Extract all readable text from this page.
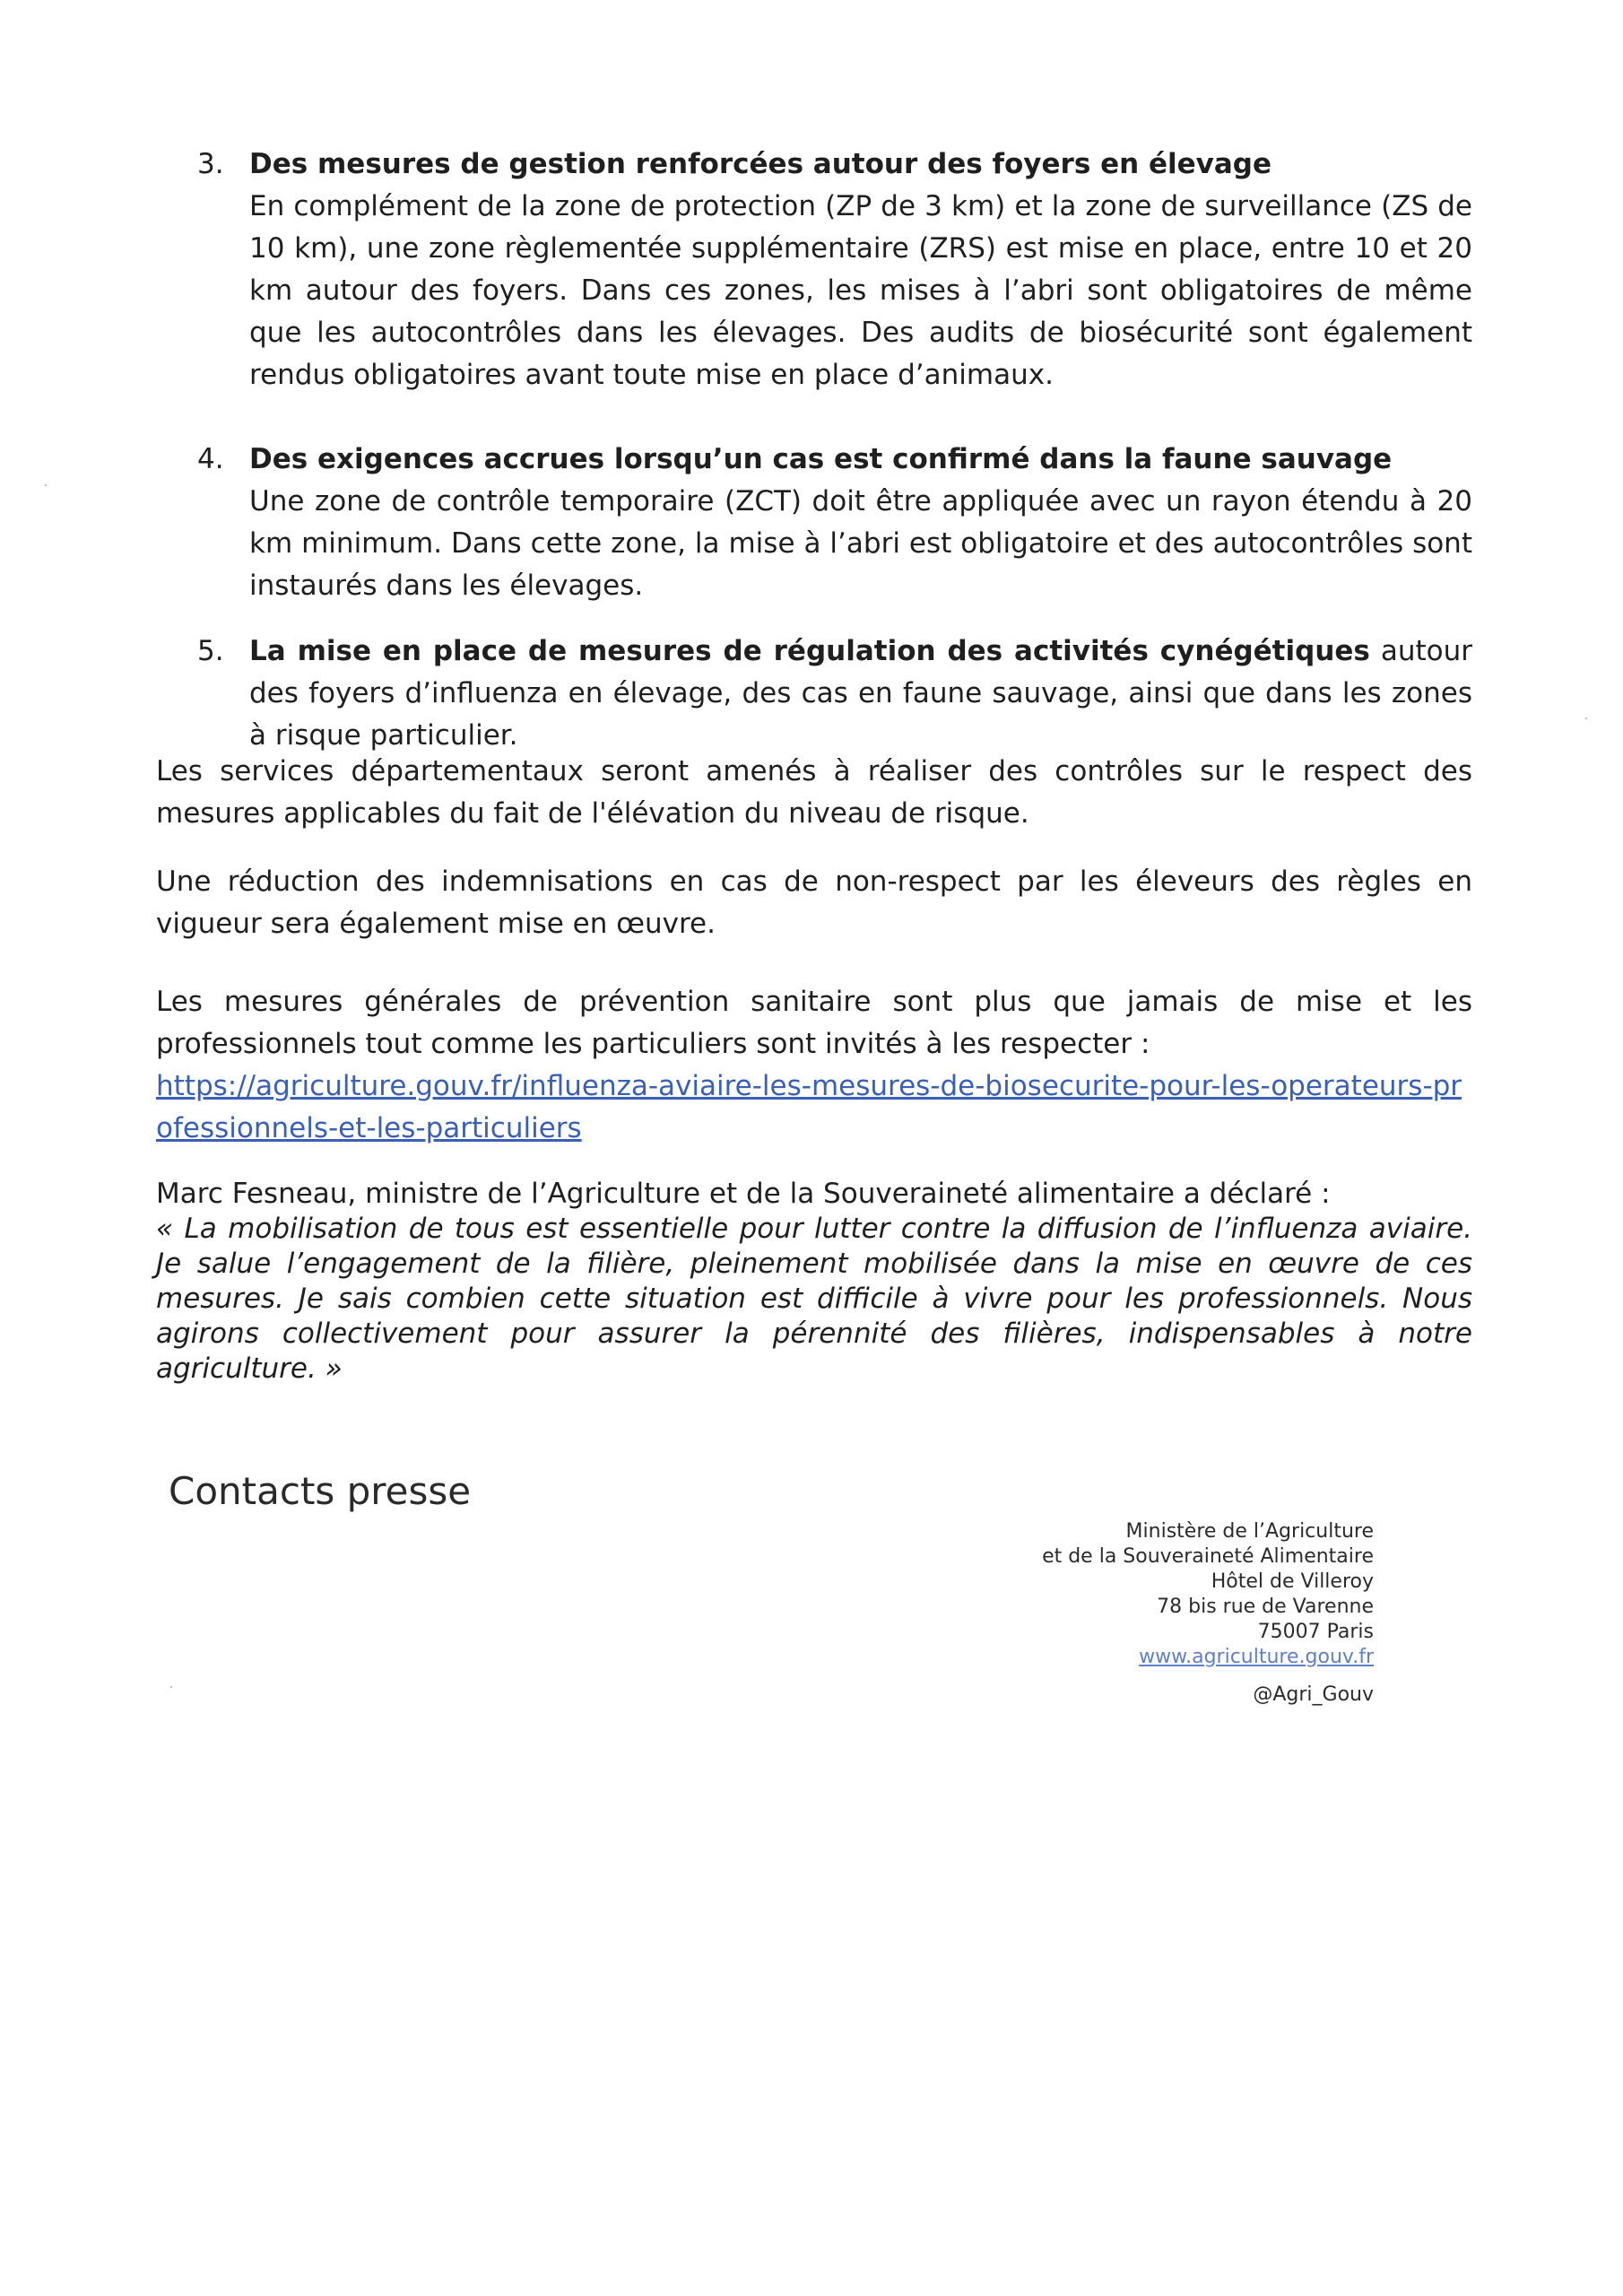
3. Des mesures de gestion renforcées autour des foyers en élevage
En complément de la zone de protection (ZP de 3 km) et la zone de surveillance (ZS de 10 km), une zone règlementée supplémentaire (ZRS) est mise en place, entre 10 et 20 km autour des foyers. Dans ces zones, les mises à l’abri sont obligatoires de même que les autocontrôles dans les élevages. Des audits de biosécurité sont également rendus obligatoires avant toute mise en place d’animaux.
4. Des exigences accrues lorsqu’un cas est confirmé dans la faune sauvage
Une zone de contrôle temporaire (ZCT) doit être appliquée avec un rayon étendu à 20 km minimum. Dans cette zone, la mise à l’abri est obligatoire et des autocontrôles sont instaurés dans les élevages.
5. La mise en place de mesures de régulation des activités cynégétiques autour des foyers d’influenza en élevage, des cas en faune sauvage, ainsi que dans les zones à risque particulier.
Les services départementaux seront amenés à réaliser des contrôles sur le respect des mesures applicables du fait de l'élévation du niveau de risque.
Une réduction des indemnisations en cas de non-respect par les éleveurs des règles en vigueur sera également mise en œuvre.
Les mesures générales de prévention sanitaire sont plus que jamais de mise et les professionnels tout comme les particuliers sont invités à les respecter :
https://agriculture.gouv.fr/influenza-aviaire-les-mesures-de-biosecurite-pour-les-operateurs-professionnels-et-les-particuliers
Marc Fesneau, ministre de l’Agriculture et de la Souveraineté alimentaire a déclaré :
« La mobilisation de tous est essentielle pour lutter contre la diffusion de l’influenza aviaire. Je salue l’engagement de la filière, pleinement mobilisée dans la mise en œuvre de ces mesures. Je sais combien cette situation est difficile à vivre pour les professionnels. Nous agirons collectivement pour assurer la pérennité des filières, indispensables à notre agriculture. »
Contacts presse
Ministère de l’Agriculture
et de la Souveraineté Alimentaire
Hôtel de Villeroy
78 bis rue de Varenne
75007 Paris
www.agriculture.gouv.fr
@Agri_Gouv
